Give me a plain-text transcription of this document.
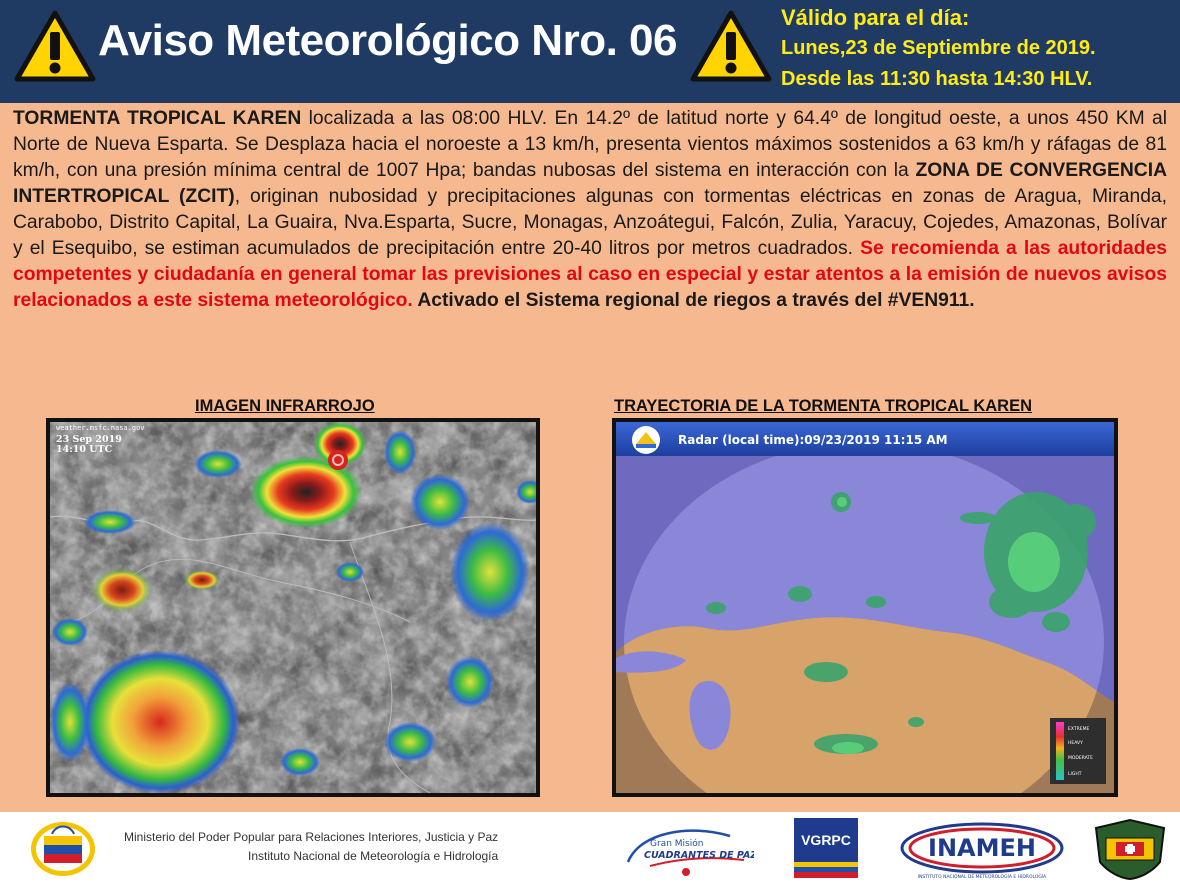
Aviso Meteorológico Nro. 06	Válido para el día:
Lunes,23 de Septiembre de 2019.
Desde las 11:30 hasta 14:30 HLV.
TORMENTA TROPICAL KAREN localizada a las 08:00 HLV. En 14.2º de latitud norte y 64.4º de longitud oeste, a unos 450 KM al Norte de Nueva Esparta. Se Desplaza hacia el noroeste a 13 km/h, presenta vientos máximos sostenidos a 63 km/h y ráfagas de 81 km/h, con una presión mínima central de 1007 Hpa; bandas nubosas del sistema en interacción con la ZONA DE CONVERGENCIA INTERTROPICAL (ZCIT), originan nubosidad y precipitaciones algunas con tormentas eléctricas en zonas de Aragua, Miranda, Carabobo, Distrito Capital, La Guaira, Nva.Esparta, Sucre, Monagas, Anzoátegui, Falcón, Zulia, Yaracuy, Cojedes, Amazonas, Bolívar y el Esequibo, se estiman acumulados de precipitación entre 20-40 litros por metros cuadrados. Se recomienda a las autoridades competentes y ciudadanía en general tomar las previsiones al caso en especial y estar atentos a la emisión de nuevos avisos relacionados a este sistema meteorológico. Activado el Sistema regional de riegos a través del #VEN911.
IMAGEN INFRARROJO	TRAYECTORIA DE LA TORMENTA TROPICAL KAREN
weather.msfc.nasa.gov
23 Sep 2019
14:10 UTC
Radar (local time):09/23/2019 11:15 AM
EXTREME
HEAVY
MODERATE
LIGHT
Ministerio del Poder Popular para Relaciones Interiores, Justicia y Paz
Instituto Nacional de Meteorología e Hidrología
Gran Misión
CUADRANTES DE PAZ
VGRPC	INAMEH
INSTITUTO NACIONAL DE METEOROLOGÍA E HIDROLOGÍA
